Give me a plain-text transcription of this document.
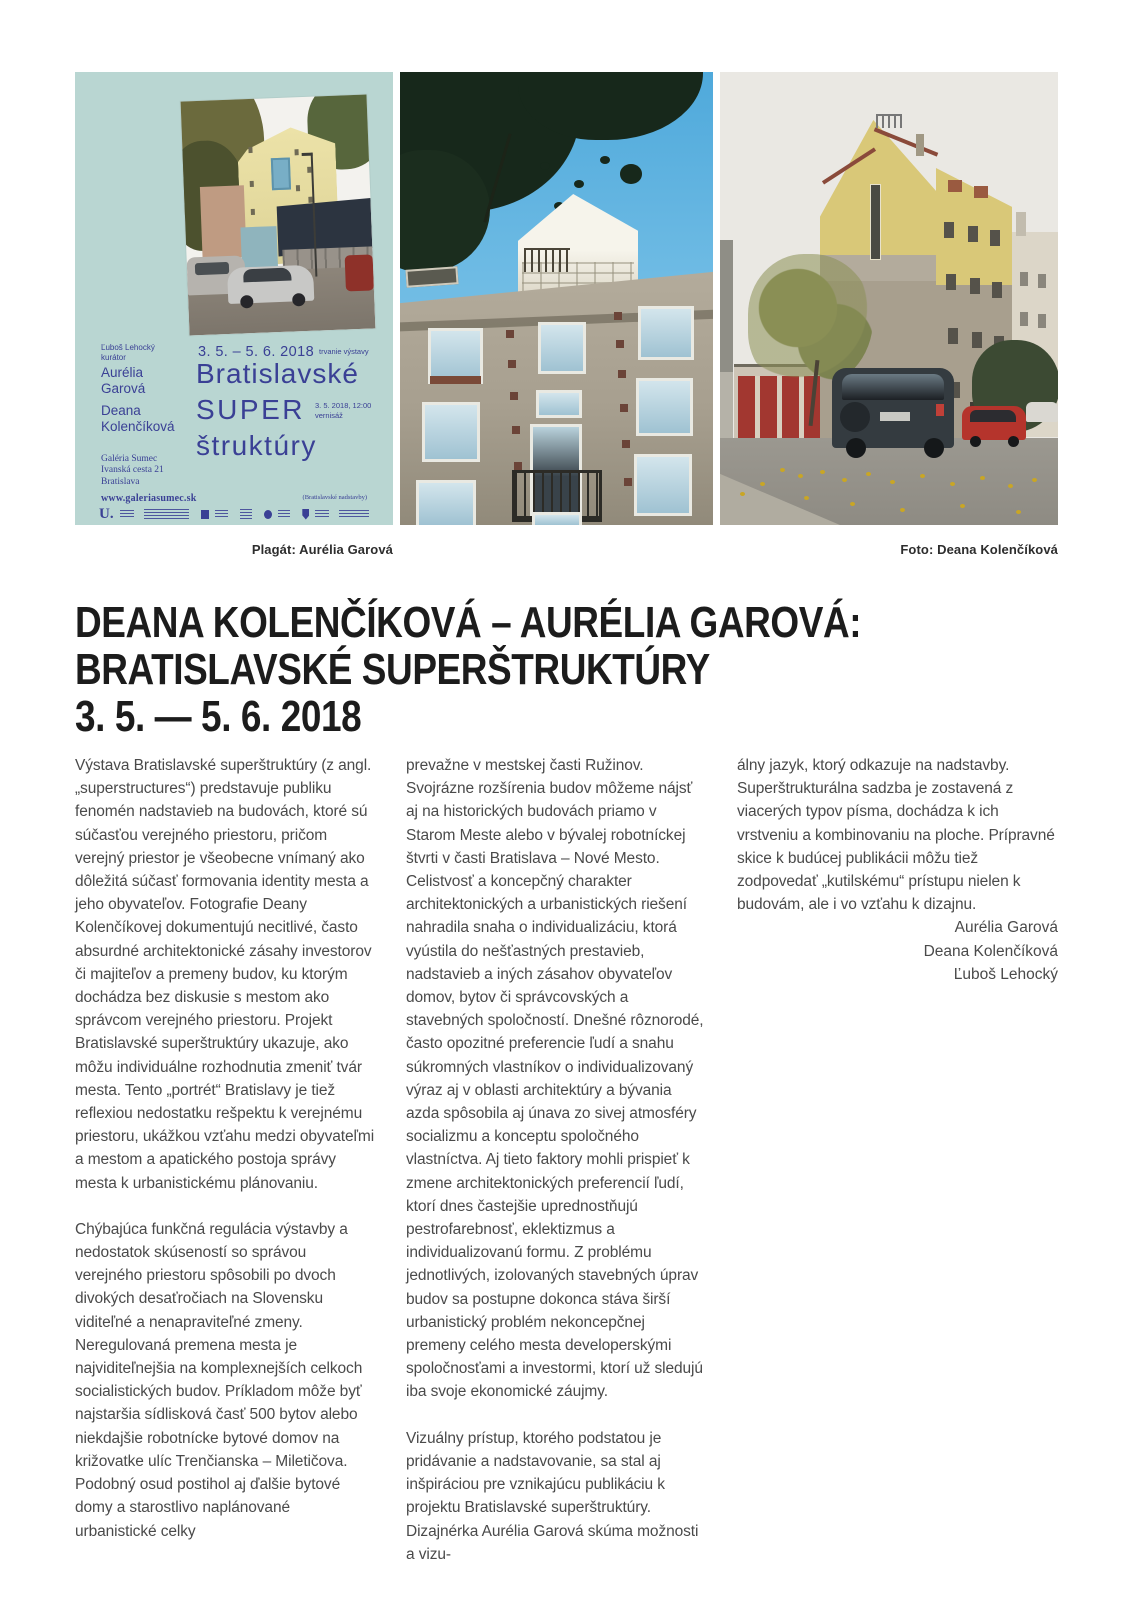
Ľuboš Lehocký
kurátor
Aurélia Garová
Deana Kolenčíková
3. 5. – 5. 6. 2018 trvanie výstavy
Bratislavské
SUPER 3. 5. 2018, 12:00
vernisáž
štruktúry
Galéria Sumec
Ivanská cesta 21
Bratislava
www.galeriasumec.sk	(Bratislavské nadstavby)
U.
Plagát: Aurélia Garová	Foto: Deana Kolenčíková
DEANA KOLENČÍKOVÁ – AURÉLIA GAROVÁ:
BRATISLAVSKÉ SUPERŠTRUKTÚRY
3. 5. — 5. 6. 2018

Výstava Bratislavské superštruktúry (z angl. „superstructures“) predstavuje publiku fenomén nadstavieb na budovách, ktoré sú súčasťou verejného priestoru, pričom verejný priestor je všeobecne vnímaný ako dôležitá súčasť formovania identity mesta a jeho obyvateľov. Fotografie Deany Kolenčíkovej dokumentujú necitlivé, často absurdné architektonické zásahy investorov či majiteľov a premeny budov, ku ktorým dochádza bez diskusie s mestom ako správcom verejného priestoru. Projekt Bratislavské superštruktúry ukazuje, ako môžu individuálne rozhodnutia zmeniť tvár mesta. Tento „portrét“ Bratislavy je tiež reflexiou nedostatku rešpektu k verejnému priestoru, ukážkou vzťahu medzi obyvateľmi a mestom a apatického postoja správy mesta k urbanistickému plánovaniu.

Chýbajúca funkčná regulácia výstavby a nedostatok skúseností so správou verejného priestoru spôsobili po dvoch divokých desaťročiach na Slovensku viditeľné a nenapraviteľné zmeny. Neregulovaná premena mesta je najviditeľnejšia na komplexnejších celkoch socialistických budov. Príkladom môže byť najstaršia sídlisková časť 500 bytov alebo niekdajšie robotnícke bytové domov na križovatke ulíc Trenčianska – Miletičova. Podobný osud postihol aj ďalšie bytové domy a starostlivo naplánované urbanistické celky

prevažne v mestskej časti Ružinov. Svojrázne rozšírenia budov môžeme nájsť aj na historických budovách priamo v Starom Meste alebo v bývalej robotníckej štvrti v časti Bratislava – Nové Mesto. Celistvosť a koncepčný charakter architektonických a urbanistických riešení nahradila snaha o individualizáciu, ktorá vyústila do nešťastných prestavieb, nadstavieb a iných zásahov obyvateľov domov, bytov či správcovských a stavebných spoločností. Dnešné rôznorodé, často opozitné preferencie ľudí a snahu súkromných vlastníkov o individualizovaný výraz aj v oblasti architektúry a bývania azda spôsobila aj únava zo sivej atmosféry socializmu a konceptu spoločného vlastníctva. Aj tieto faktory mohli prispieť k zmene architektonických preferencií ľudí, ktorí dnes častejšie uprednostňujú pestrofarebnosť, eklektizmus a individualizovanú formu. Z problému jednotlivých, izolovaných stavebných úprav budov sa postupne dokonca stáva širší urbanistický problém nekoncepčnej premeny celého mesta developerskými spoločnosťami a investormi, ktorí už sledujú iba svoje ekonomické záujmy.

Vizuálny prístup, ktorého podstatou je pridávanie a nadstavovanie, sa stal aj inšpiráciou pre vznikajúcu publikáciu k projektu Bratislavské superštruktúry. Dizajnérka Aurélia Garová skúma možnosti a vizu-

álny jazyk, ktorý odkazuje na nadstavby. Superštrukturálna sadzba je zostavená z viacerých typov písma, dochádza k ich vrstveniu a kombinovaniu na ploche. Prípravné skice k budúcej publikácii môžu tiež zodpovedať „kutilskému“ prístupu nielen k budovám, ale i vo vzťahu k dizajnu.

Aurélia Garová
Deana Kolenčíková
Ľuboš Lehocký
